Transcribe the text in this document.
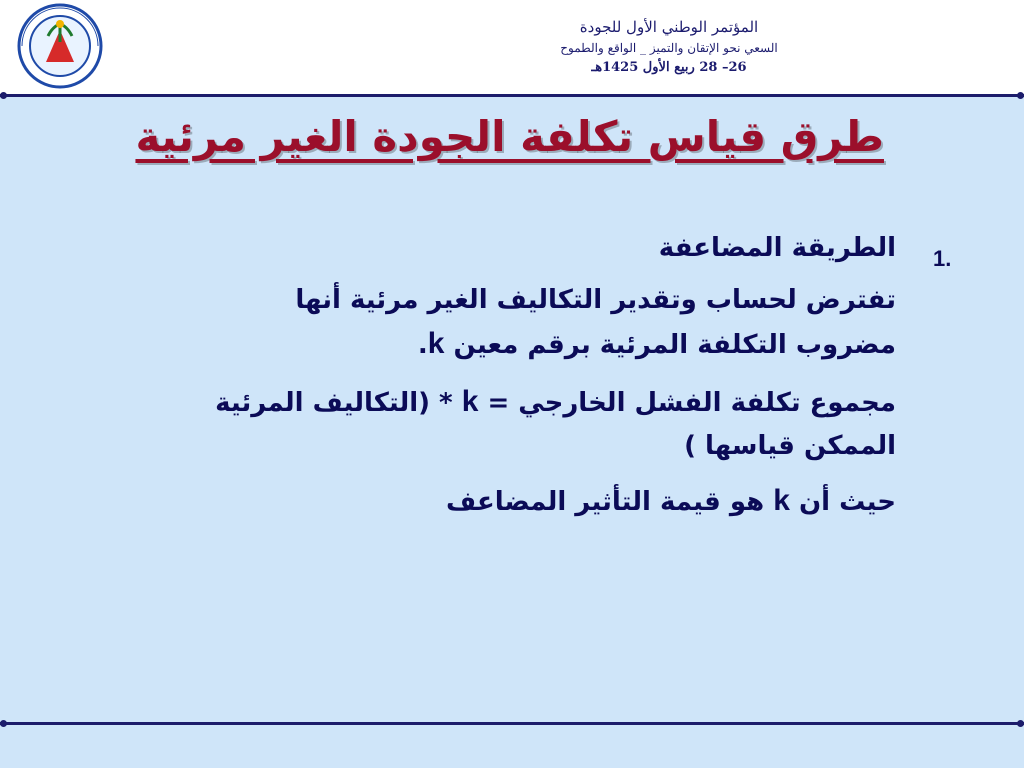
المؤتمر الوطني الأول للجودة
السعي نحو الإتقان والتميز _ الواقع والطموح
26– 28 ربيع الأول 1425هـ
طرق قياس تكلفة الجودة الغير مرئية
1.

الطريقة المضاعفة

تفترض لحساب وتقدير التكاليف الغير مرئية أنها
مضروب التكلفة المرئية برقم معين k.

مجموع تكلفة الفشل الخارجي = k * (التكاليف المرئية
الممكن قياسها )

حيث أن k هو قيمة التأثير المضاعف
